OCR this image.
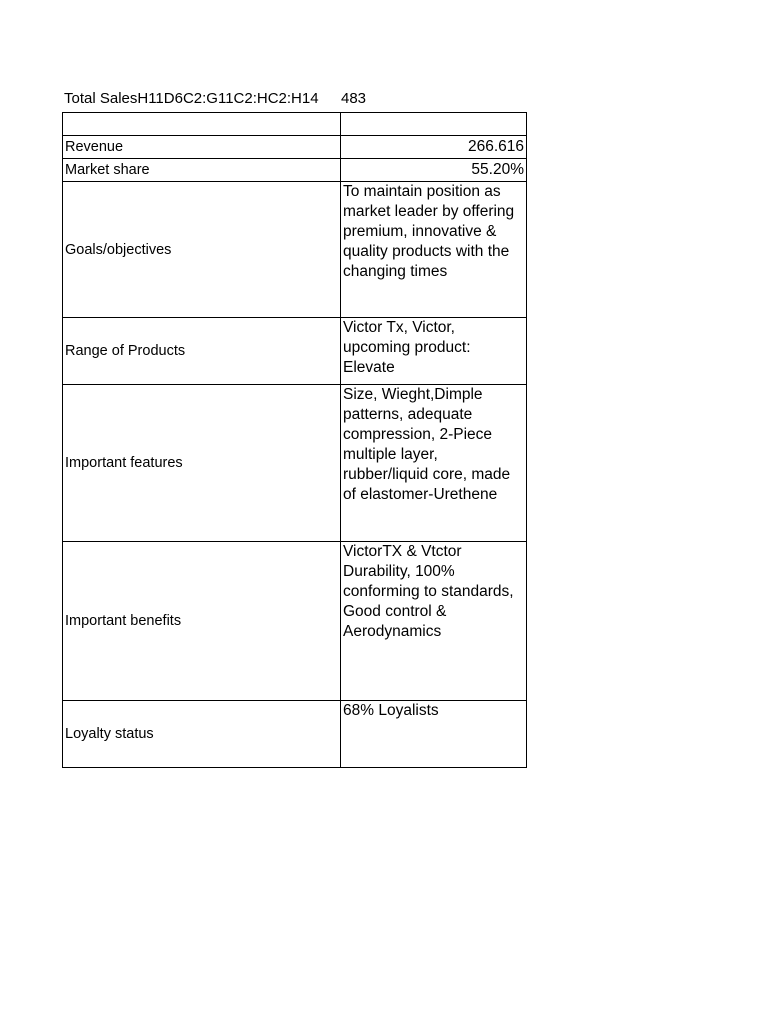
Total SalesH11D6C2:G11C2:HC2:H14 483

Revenue	266.616
Market share	55.20%
Goals/objectives	To maintain position as market leader by offering premium, innovative & quality products with the changing times
Range of Products	Victor Tx, Victor, upcoming product: Elevate
Important features	Size, Wieght,Dimple patterns, adequate compression, 2-Piece multiple layer, rubber/liquid core, made of elastomer-Urethene
Important benefits	VictorTX & Vtctor Durability, 100% conforming to standards, Good control & Aerodynamics
Loyalty status	68% Loyalists
